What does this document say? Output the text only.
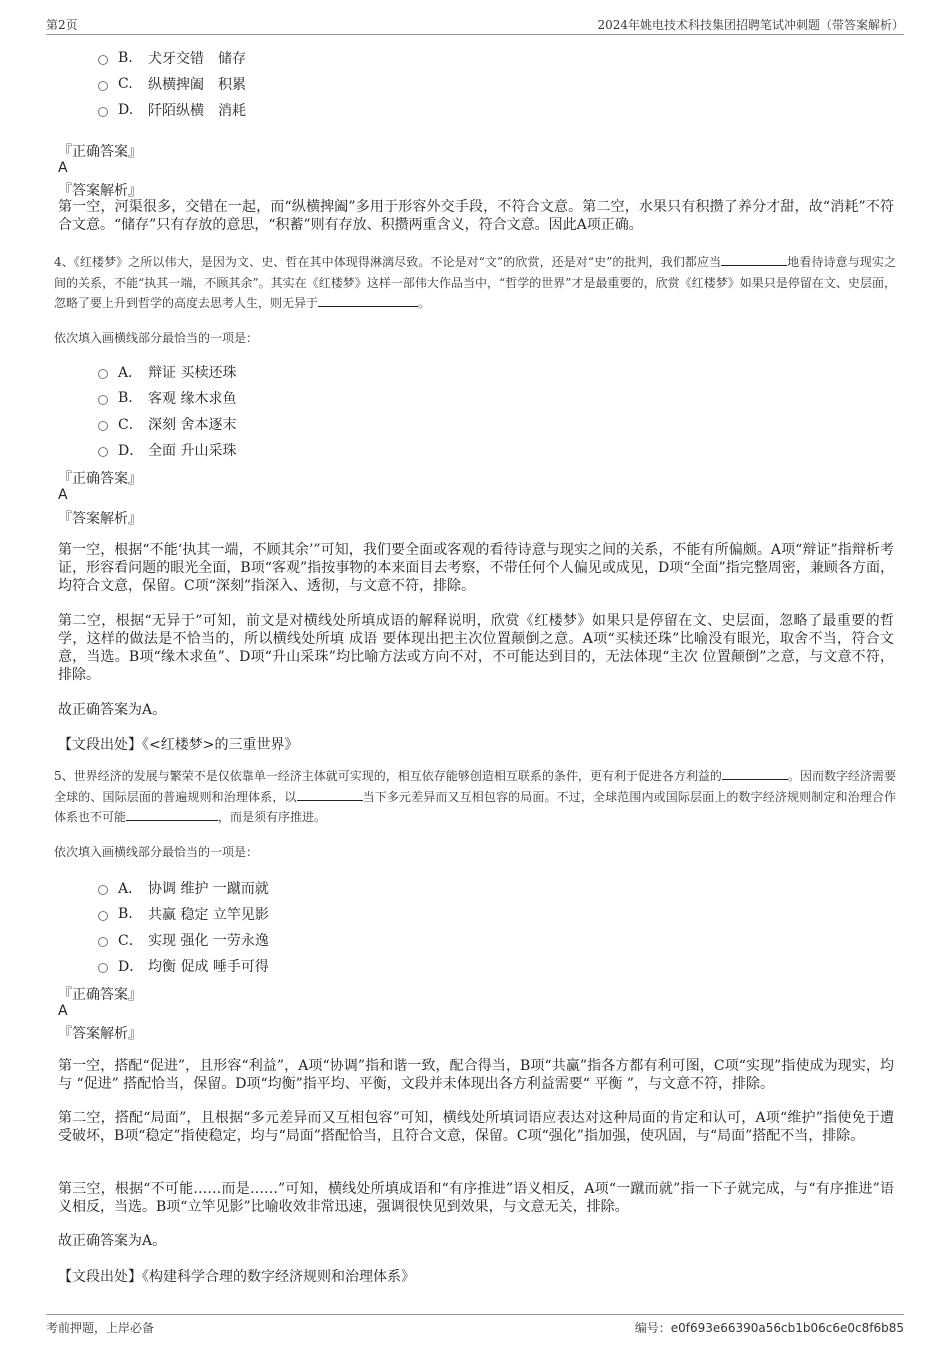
第2页	2024年姚电技术科技集团招聘笔试冲刺题（带答案解析）
B.	犬牙交错　储存
C.	纵横捭阖　积累
D.	阡陌纵横　消耗
『正确答案』
A
『答案解析』
第一空，河渠很多，交错在一起，而“纵横捭阖”多用于形容外交手段，不符合文意。第二空，水果只有积攒了养分才甜，故“消耗”不符合文意。“储存”只有存放的意思，“积蓄”则有存放、积攒两重含义，符合文意。因此A项正确。
4、《红楼梦》之所以伟大，是因为文、史、哲在其中体现得淋漓尽致。不论是对“文”的欣赏，还是对“史”的批判，我们都应当	地看待诗意与现实之间的关系，不能“执其一端，不顾其余”。其实在《红楼梦》这样一部伟大作品当中，“哲学的世界”才是最重要的，欣赏《红楼梦》如果只是停留在文、史层面，忽略了要上升到哲学的高度去思考人生，则无异于	。
依次填入画横线部分最恰当的一项是：
A． 辩证 买椟还珠
B.	客观 缘木求鱼
C． 深刻 舍本逐末
D． 全面 升山采珠
『正确答案』
A
『答案解析』
第一空，根据“不能‘执其一端，不顾其余’”可知，我们要全面或客观的看待诗意与现实之间的关系，不能有所偏颇。A项“辩证”指辩析考证，形容看问题的眼光全面，B项“客观”指按事物的本来面目去考察，不带任何个人偏见或成见，D项“全面”指完整周密，兼顾各方面，均符合文意，保留。C项“深刻”指深入、透彻，与文意不符，排除。
第二空，根据“无异于”可知，前文是对横线处所填成语的解释说明，欣赏《红楼梦》如果只是停留在文、史层面，忽略了最重要的哲学，这样的做法是不恰当的，所以横线处所填 成语 要体现出把主次位置颠倒之意。A项“买椟还珠”比喻没有眼光，取舍不当，符合文意，当选。B项“缘木求鱼”、D项“升山采珠”均比喻方法或方向不对，不可能达到目的，无法体现“主次 位置颠倒”之意，与文意不符，排除。
故正确答案为A。
【文段出处】《<红楼梦>的三重世界》
5、世界经济的发展与繁荣不是仅依靠单一经济主体就可实现的，相互依存能够创造相互联系的条件，更有利于促进各方利益的	。因而数字经济需要全球的、国际层面的普遍规则和治理体系，以	当下多元差异而又互相包容的局面。不过，全球范围内或国际层面上的数字经济规则制定和治理合作体系也不可能	，而是须有序推进。
依次填入画横线部分最恰当的一项是：
A． 协调 维护 一蹴而就
B.	共赢 稳定 立竿见影
C． 实现 强化 一劳永逸
D． 均衡 促成 唾手可得
『正确答案』
A
『答案解析』
第一空，搭配“促进”，且形容“利益”，A项“协调”指和谐一致，配合得当，B项“共赢”指各方都有利可图，C项“实现”指使成为现实，均与 “促进” 搭配恰当，保留。D项“均衡”指平均、平衡，文段并未体现出各方利益需要“ 平衡 ”，与文意不符，排除。
第二空，搭配“局面”，且根据“多元差异而又互相包容”可知，横线处所填词语应表达对这种局面的肯定和认可，A项“维护”指使免于遭受破坏，B项“稳定”指使稳定，均与“局面”搭配恰当，且符合文意，保留。C项“强化”指加强，使巩固，与“局面”搭配不当，排除。
第三空，根据“不可能……而是……”可知，横线处所填成语和“有序推进”语义相反，A项“一蹴而就”指一下子就完成，与“有序推进”语义相反，当选。B项“立竿见影”比喻收效非常迅速，强调很快见到效果，与文意无关，排除。
故正确答案为A。
【文段出处】《构建科学合理的数字经济规则和治理体系》
考前押题，上岸必备	编号：e0f693e66390a56cb1b06c6e0c8f6b85
